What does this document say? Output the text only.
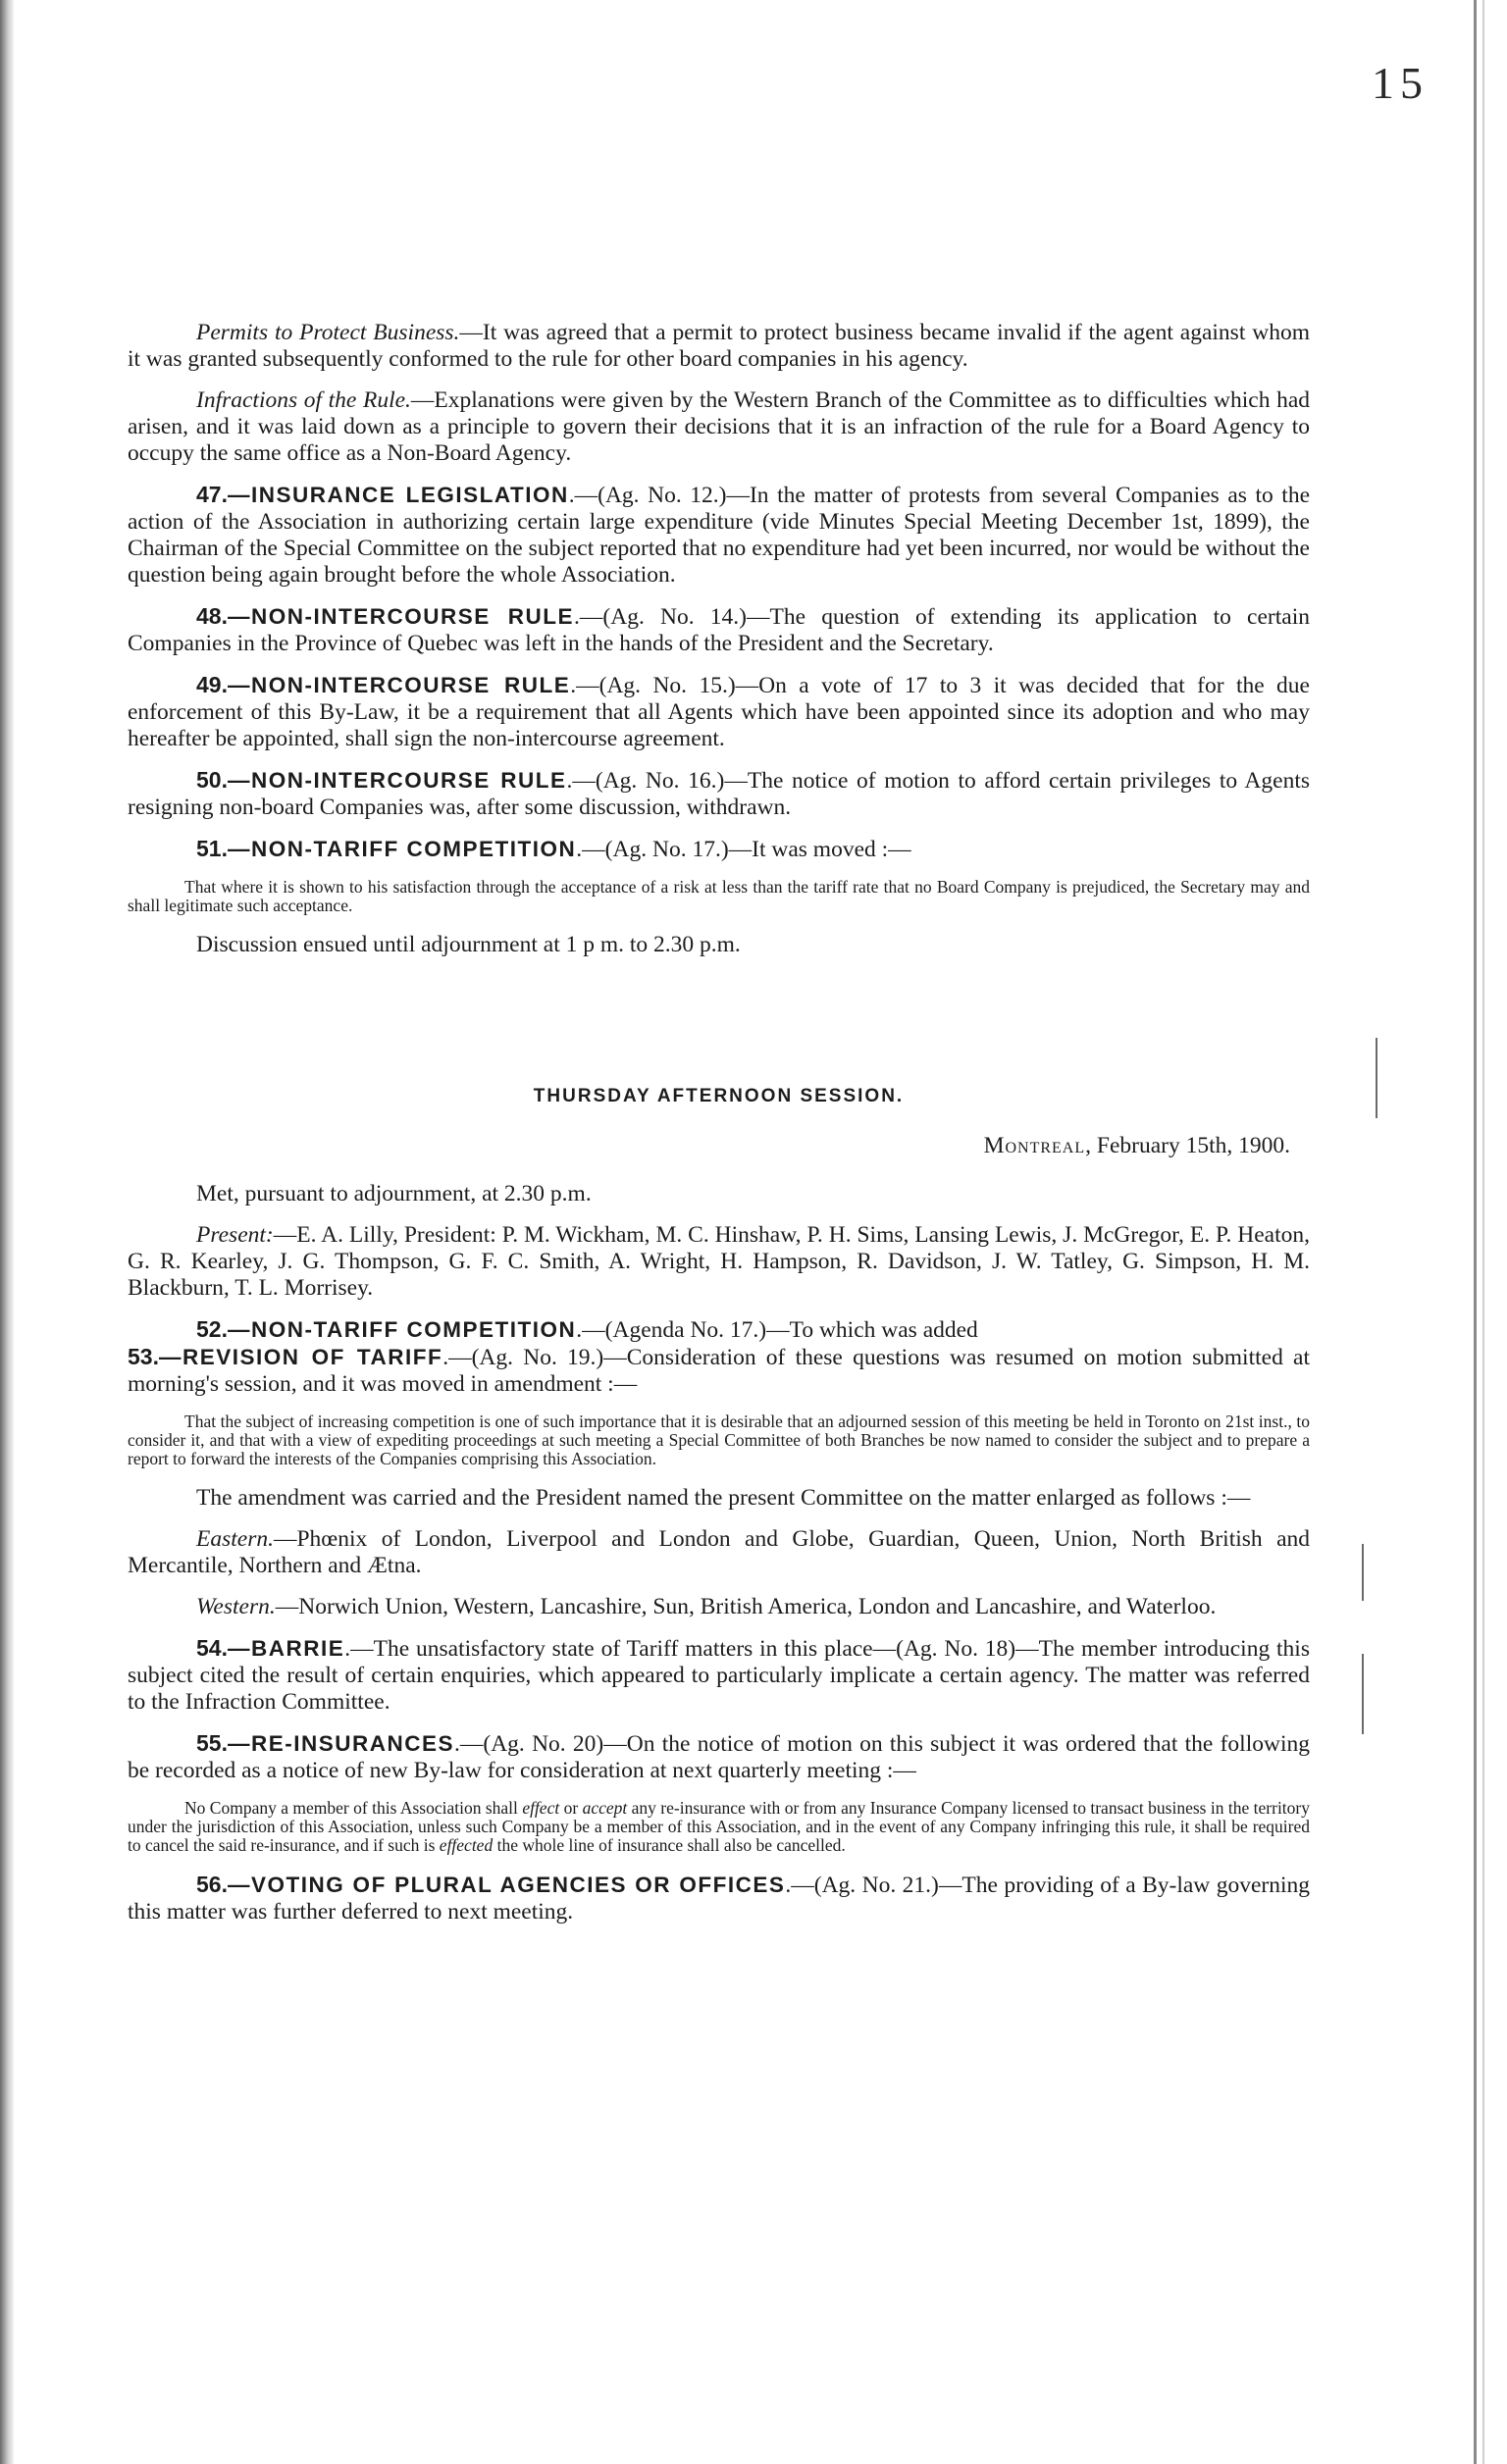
15

Permits to Protect Business.—It was agreed that a permit to protect business became invalid if the agent against whom it was granted subsequently conformed to the rule for other board companies in his agency.

Infractions of the Rule.—Explanations were given by the Western Branch of the Committee as to difficulties which had arisen, and it was laid down as a principle to govern their decisions that it is an infraction of the rule for a Board Agency to occupy the same office as a Non-Board Agency.

47.—INSURANCE LEGISLATION.—(Ag. No. 12.)—In the matter of protests from several Companies as to the action of the Association in authorizing certain large expenditure (vide Minutes Special Meeting December 1st, 1899), the Chairman of the Special Committee on the subject reported that no expenditure had yet been incurred, nor would be without the question being again brought before the whole Association.

48.—NON-INTERCOURSE RULE.—(Ag. No. 14.)—The question of extending its application to certain Companies in the Province of Quebec was left in the hands of the President and the Secretary.

49.—NON-INTERCOURSE RULE.—(Ag. No. 15.)—On a vote of 17 to 3 it was decided that for the due enforcement of this By-Law, it be a requirement that all Agents which have been appointed since its adoption and who may hereafter be appointed, shall sign the non-intercourse agreement.

50.—NON-INTERCOURSE RULE.—(Ag. No. 16.)—The notice of motion to afford certain privileges to Agents resigning non-board Companies was, after some discussion, withdrawn.

51.—NON-TARIFF COMPETITION.—(Ag. No. 17.)—It was moved :—

That where it is shown to his satisfaction through the acceptance of a risk at less than the tariff rate that no Board Company is prejudiced, the Secretary may and shall legitimate such acceptance.

Discussion ensued until adjournment at 1 p m. to 2.30 p.m.

THURSDAY AFTERNOON SESSION.

Montreal, February 15th, 1900.

Met, pursuant to adjournment, at 2.30 p.m.

Present:—E. A. Lilly, President: P. M. Wickham, M. C. Hinshaw, P. H. Sims, Lansing Lewis, J. McGregor, E. P. Heaton, G. R. Kearley, J. G. Thompson, G. F. C. Smith, A. Wright, H. Hampson, R. Davidson, J. W. Tatley, G. Simpson, H. M. Blackburn, T. L. Morrisey.

52.—NON-TARIFF COMPETITION.—(Agenda No. 17.)—To which was added
53.—REVISION OF TARIFF.—(Ag. No. 19.)—Consideration of these questions was resumed on motion submitted at morning's session, and it was moved in amendment :—

That the subject of increasing competition is one of such importance that it is desirable that an adjourned session of this meeting be held in Toronto on 21st inst., to consider it, and that with a view of expediting proceedings at such meeting a Special Committee of both Branches be now named to consider the subject and to prepare a report to forward the interests of the Companies comprising this Association.

The amendment was carried and the President named the present Committee on the matter enlarged as follows :—

Eastern.—Phœnix of London, Liverpool and London and Globe, Guardian, Queen, Union, North British and Mercantile, Northern and Ætna.

Western.—Norwich Union, Western, Lancashire, Sun, British America, London and Lancashire, and Waterloo.

54.—BARRIE.—The unsatisfactory state of Tariff matters in this place—(Ag. No. 18)—The member introducing this subject cited the result of certain enquiries, which appeared to particularly implicate a certain agency. The matter was referred to the Infraction Committee.

55.—RE-INSURANCES.—(Ag. No. 20)—On the notice of motion on this subject it was ordered that the following be recorded as a notice of new By-law for consideration at next quarterly meeting :—

No Company a member of this Association shall effect or accept any re-insurance with or from any Insurance Company licensed to transact business in the territory under the jurisdiction of this Association, unless such Company be a member of this Association, and in the event of any Company infringing this rule, it shall be required to cancel the said re-insurance, and if such is effected the whole line of insurance shall also be cancelled.

56.—VOTING OF PLURAL AGENCIES OR OFFICES.—(Ag. No. 21.)—The providing of a By-law governing this matter was further deferred to next meeting.
